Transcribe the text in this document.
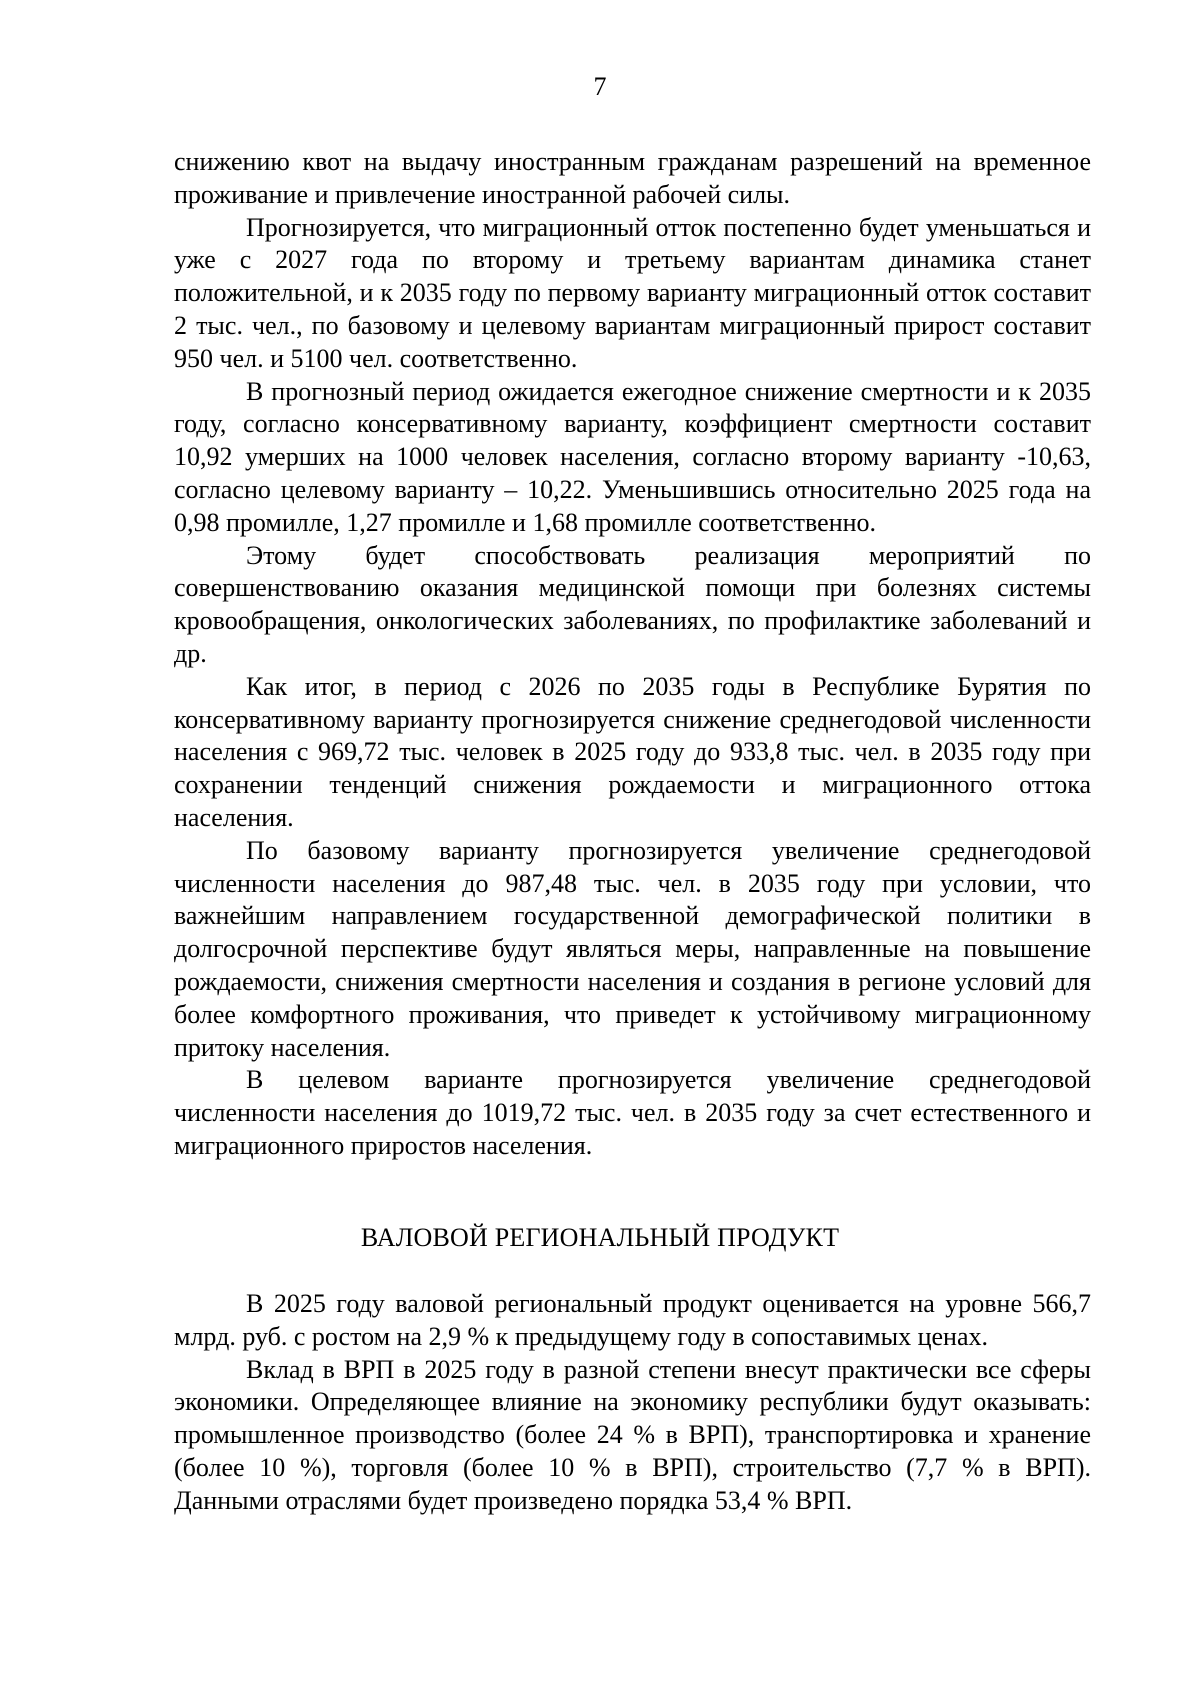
7

снижению квот на выдачу иностранным гражданам разрешений на временное проживание и привлечение иностранной рабочей силы.

Прогнозируется, что миграционный отток постепенно будет уменьшаться и уже с 2027 года по второму и третьему вариантам динамика станет положительной, и к 2035 году по первому варианту миграционный отток составит 2 тыс. чел., по базовому и целевому вариантам миграционный прирост составит 950 чел. и 5100 чел. соответственно.

В прогнозный период ожидается ежегодное снижение смертности и к 2035 году, согласно консервативному варианту, коэффициент смертности составит 10,92 умерших на 1000 человек населения, согласно второму варианту -10,63, согласно целевому варианту – 10,22. Уменьшившись относительно 2025 года на 0,98 промилле, 1,27 промилле и 1,68 промилле соответственно.

Этому будет способствовать реализация мероприятий по совершенствованию оказания медицинской помощи при болезнях системы кровообращения, онкологических заболеваниях, по профилактике заболеваний и др.

Как итог, в период с 2026 по 2035 годы в Республике Бурятия по консервативному варианту прогнозируется снижение среднегодовой численности населения с 969,72 тыс. человек в 2025 году до 933,8 тыс. чел. в 2035 году при сохранении тенденций снижения рождаемости и миграционного оттока населения.

По базовому варианту прогнозируется увеличение среднегодовой численности населения до 987,48 тыс. чел. в 2035 году при условии, что важнейшим направлением государственной демографической политики в долгосрочной перспективе будут являться меры, направленные на повышение рождаемости, снижения смертности населения и создания в регионе условий для более комфортного проживания, что приведет к устойчивому миграционному притоку населения.

В целевом варианте прогнозируется увеличение среднегодовой численности населения до 1019,72 тыс. чел. в 2035 году за счет естественного и миграционного приростов населения.

ВАЛОВОЙ РЕГИОНАЛЬНЫЙ ПРОДУКТ

В 2025 году валовой региональный продукт оценивается на уровне 566,7 млрд. руб. с ростом на 2,9 % к предыдущему году в сопоставимых ценах.

Вклад в ВРП в 2025 году в разной степени внесут практически все сферы экономики. Определяющее влияние на экономику республики будут оказывать: промышленное производство (более 24 % в ВРП), транспортировка и хранение (более 10 %), торговля (более 10 % в ВРП), строительство (7,7 % в ВРП). Данными отраслями будет произведено порядка 53,4 % ВРП.
